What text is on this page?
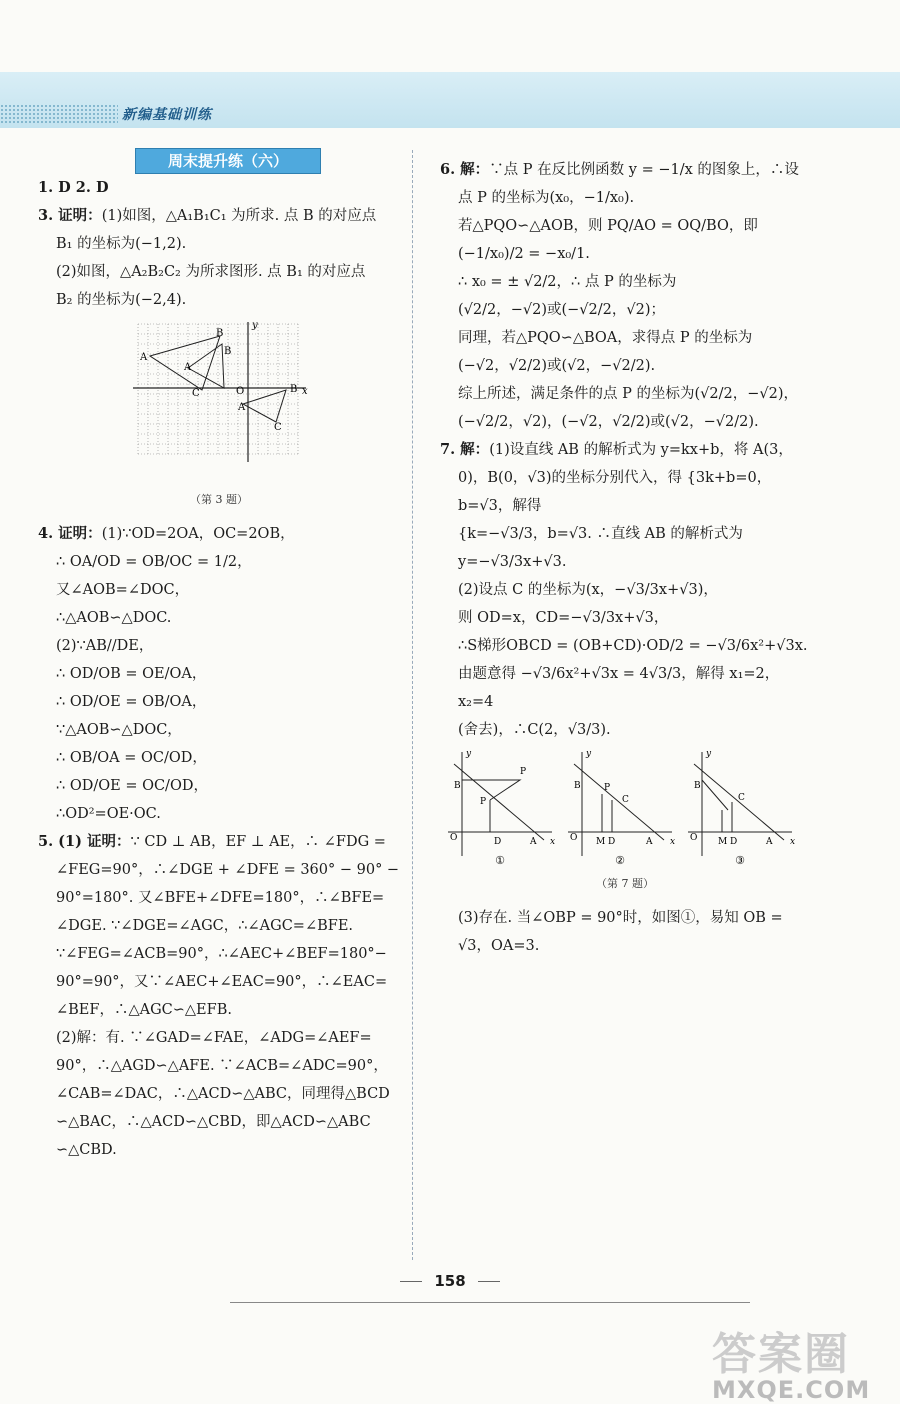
新编基础训练
周末提升练（六）

1. D 2. D

3. 证明：(1)如图，△A₁B₁C₁ 为所求. 点 B 的对应点

B₁ 的坐标为(−1,2).

(2)如图，△A₂B₂C₂ 为所求图形. 点 B₁ 的对应点

B₂ 的坐标为(−2,4).

A
B
A
B
O	B
C
A
x
y
C
（第 3 题）

4. 证明：(1)∵OD=2OA，OC=2OB，

∴ OA/OD = OB/OC = 1/2，

又∠AOB=∠DOC，

∴△AOB∽△DOC.

(2)∵AB//DE，

∴ OD/OB = OE/OA，

∴ OD/OE = OB/OA，

∵△AOB∽△DOC，

∴ OB/OA = OC/OD，

∴ OD/OE = OC/OD，

∴OD²=OE·OC.

5. (1) 证明：∵ CD ⊥ AB，EF ⊥ AE，∴ ∠FDG =

∠FEG=90°，∴∠DGE + ∠DFE = 360° − 90° −

90°=180°. 又∠BFE+∠DFE=180°，∴∠BFE=

∠DGE. ∵∠DGE=∠AGC，∴∠AGC=∠BFE.

∵∠FEG=∠ACB=90°，∴∠AEC+∠BEF=180°−

90°=90°，又∵∠AEC+∠EAC=90°，∴∠EAC=

∠BEF，∴△AGC∽△EFB.

(2)解：有. ∵∠GAD=∠FAE，∠ADG=∠AEF=

90°，∴△AGD∽△AFE. ∵∠ACB=∠ADC=90°，

∠CAB=∠DAC，∴△ACD∽△ABC，同理得△BCD

∽△BAC，∴△ACD∽△CBD，即△ACD∽△ABC

∽△CBD.

6. 解：∵点 P 在反比例函数 y = −1/x 的图象上，∴设

点 P 的坐标为(x₀，−1/x₀).

若△PQO∽△AOB，则 PQ/AO = OQ/BO，即 (−1/x₀)/2 = −x₀/1.

∴ x₀ = ± √2/2，∴ 点 P 的坐标为

(√2/2，−√2)或(−√2/2，√2)；

同理，若△PQO∽△BOA，求得点 P 的坐标为

(−√2，√2/2)或(√2，−√2/2).

综上所述，满足条件的点 P 的坐标为(√2/2，−√2)，

(−√2/2，√2)，(−√2，√2/2)或(√2，−√2/2).

7. 解：(1)设直线 AB 的解析式为 y=kx+b，将 A(3，

0)，B(0，√3)的坐标分别代入，得 {3k+b=0，b=√3，解得

{k=−√3/3，b=√3. ∴直线 AB 的解析式为 y=−√3/3x+√3.

(2)设点 C 的坐标为(x，−√3/3x+√3)，

则 OD=x，CD=−√3/3x+√3，

∴S梯形OBCD = (OB+CD)·OD/2 = −√3/6x²+√3x.

由题意得 −√3/6x²+√3x = 4√3/3，解得 x₁=2，x₂=4

(舍去)，∴C(2，√3/3).

B
O
P
P
D	A x
y
B
O M D
P
C
A x
y
B
O M D
C
A x
y
①	②	③
（第 7 题）

(3)存在. 当∠OBP = 90°时，如图①，易知 OB =

√3，OA=3.

158
答案圈
MXQE.COM
